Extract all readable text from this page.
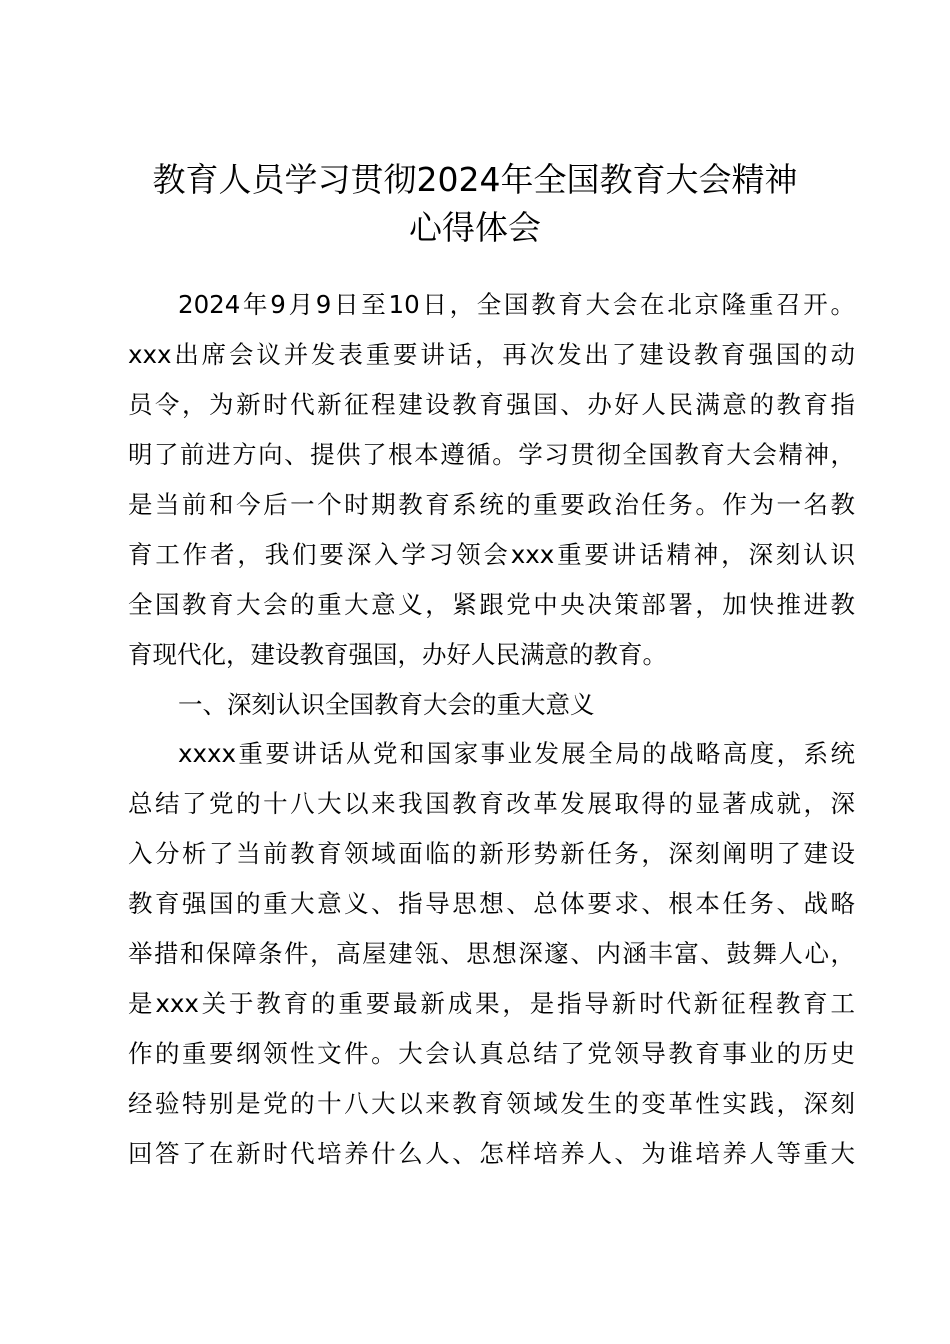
教育人员学习贯彻2024年全国教育大会精神
心得体会

2024年9月9日至10日，全国教育大会在北京隆重召开。

xxx出席会议并发表重要讲话，再次发出了建设教育强国的动

员令，为新时代新征程建设教育强国、办好人民满意的教育指

明了前进方向、提供了根本遵循。学习贯彻全国教育大会精神，

是当前和今后一个时期教育系统的重要政治任务。作为一名教

育工作者，我们要深入学习领会xxx重要讲话精神，深刻认识

全国教育大会的重大意义，紧跟党中央决策部署，加快推进教

育现代化，建设教育强国，办好人民满意的教育。

一、深刻认识全国教育大会的重大意义

xxxx重要讲话从党和国家事业发展全局的战略高度，系统

总结了党的十八大以来我国教育改革发展取得的显著成就，深

入分析了当前教育领域面临的新形势新任务，深刻阐明了建设

教育强国的重大意义、指导思想、总体要求、根本任务、战略

举措和保障条件，高屋建瓴、思想深邃、内涵丰富、鼓舞人心，

是xxx关于教育的重要最新成果，是指导新时代新征程教育工

作的重要纲领性文件。大会认真总结了党领导教育事业的历史

经验特别是党的十八大以来教育领域发生的变革性实践，深刻

回答了在新时代培养什么人、怎样培养人、为谁培养人等重大
